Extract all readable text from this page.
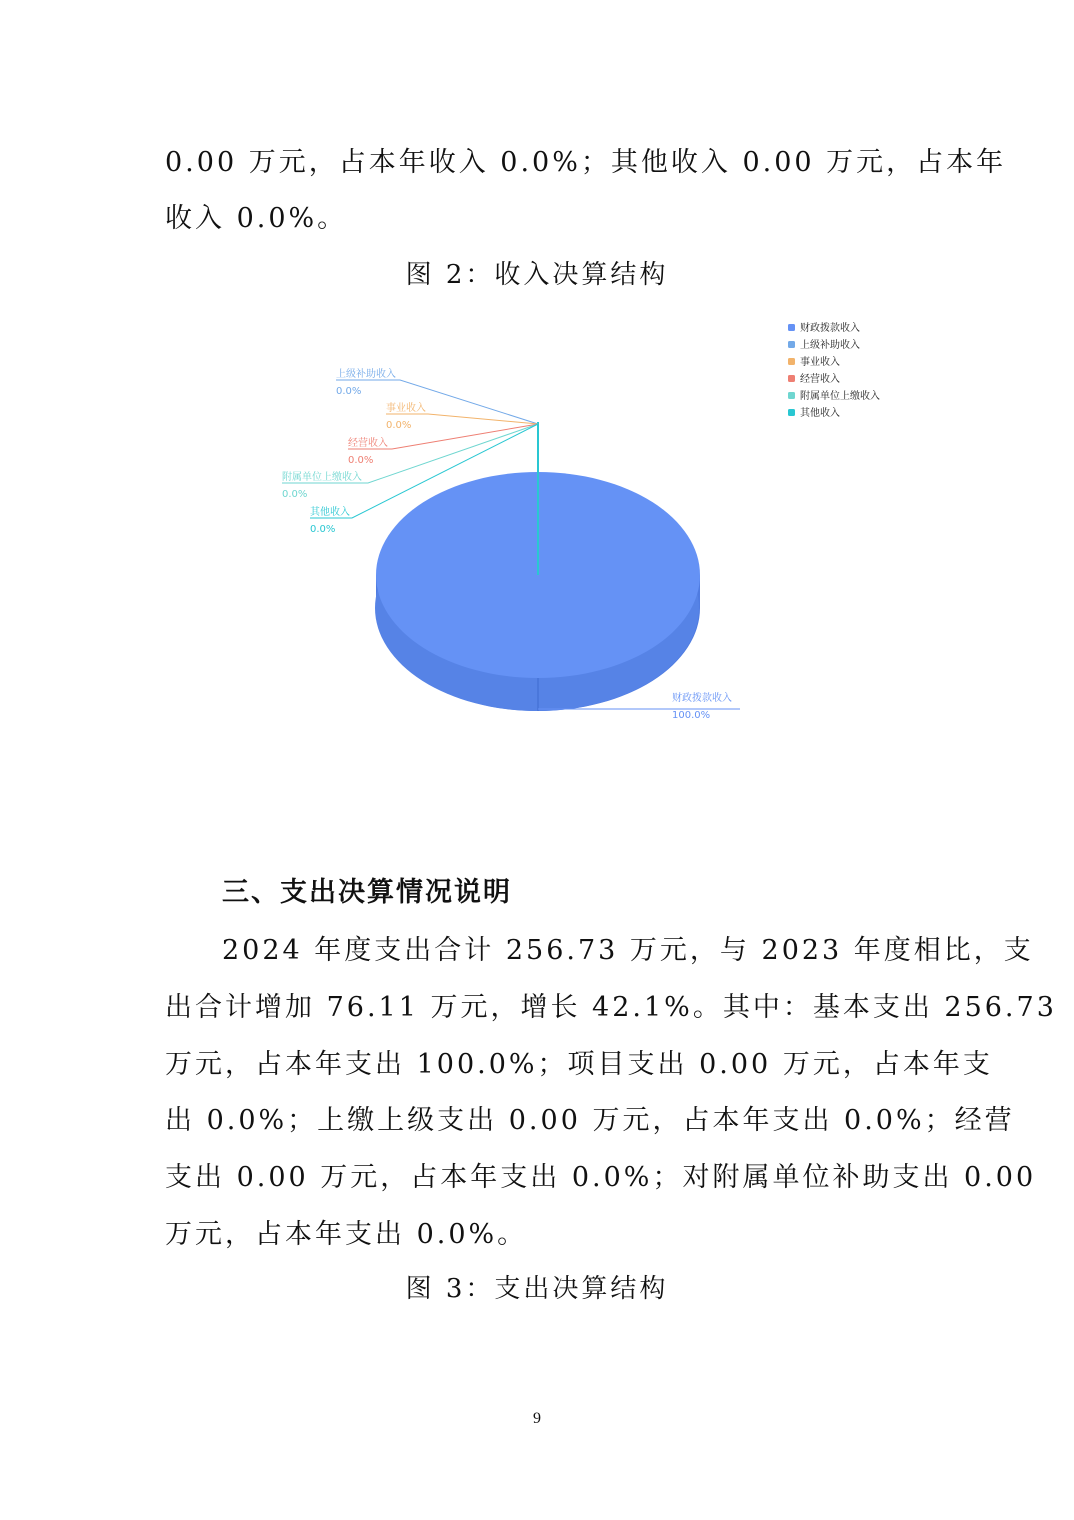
0.00 万元，占本年收入 0.0%；其他收入 0.00 万元，占本年
收入 0.0%。
图 2：收入决算结构
上级补助收入
0.0%
事业收入
0.0%
经营收入
0.0%
附属单位上缴收入
0.0%
其他收入
0.0%
财政拨款收入
100.0%
财政拨款收入
上级补助收入
事业收入
经营收入
附属单位上缴收入
其他收入
三、支出决算情况说明
2024 年度支出合计 256.73 万元，与 2023 年度相比，支
出合计增加 76.11 万元，增长 42.1%。其中：基本支出 256.73
万元，占本年支出 100.0%；项目支出 0.00 万元，占本年支
出 0.0%；上缴上级支出 0.00 万元，占本年支出 0.0%；经营
支出 0.00 万元，占本年支出 0.0%；对附属单位补助支出 0.00
万元，占本年支出 0.0%。
图 3：支出决算结构
9
